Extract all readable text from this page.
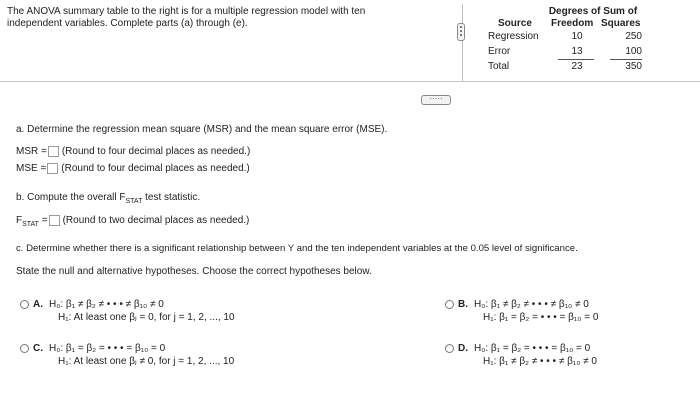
The ANOVA summary table to the right is for a multiple regression model with ten
independent variables. Complete parts (a) through (e).
Degrees of Sum of
Source Freedom Squares
Regression	10	250
Error	13	100
Total	23	350
·····
a. Determine the regression mean square (MSR) and the mean square error (MSE).
MSR = (Round to four decimal places as needed.)
MSE = (Round to four decimal places as needed.)
b. Compute the overall $F_{STAT}$ test statistic.
$F_{STAT}$ = (Round to two decimal places as needed.)
c. Determine whether there is a significant relationship between Y and the ten independent variables at the 0.05 level of significance.
State the null and alternative hypotheses. Choose the correct hypotheses below.
A. H₀: β₁ ≠ β₂ ≠ • • • ≠ β₁₀ ≠ 0
H₁: At least one βⱼ = 0, for j = 1, 2, ..., 10
B. H₀: β₁ ≠ β₂ ≠ • • • ≠ β₁₀ ≠ 0
H₁: β₁ = β₂ = • • • = β₁₀ = 0
C. H₀: β₁ = β₂ = • • • = β₁₀ = 0
H₁: At least one βⱼ ≠ 0, for j = 1, 2, ..., 10
D. H₀: β₁ = β₂ = • • • = β₁₀ = 0
H₁: β₁ ≠ β₂ ≠ • • • ≠ β₁₀ ≠ 0
